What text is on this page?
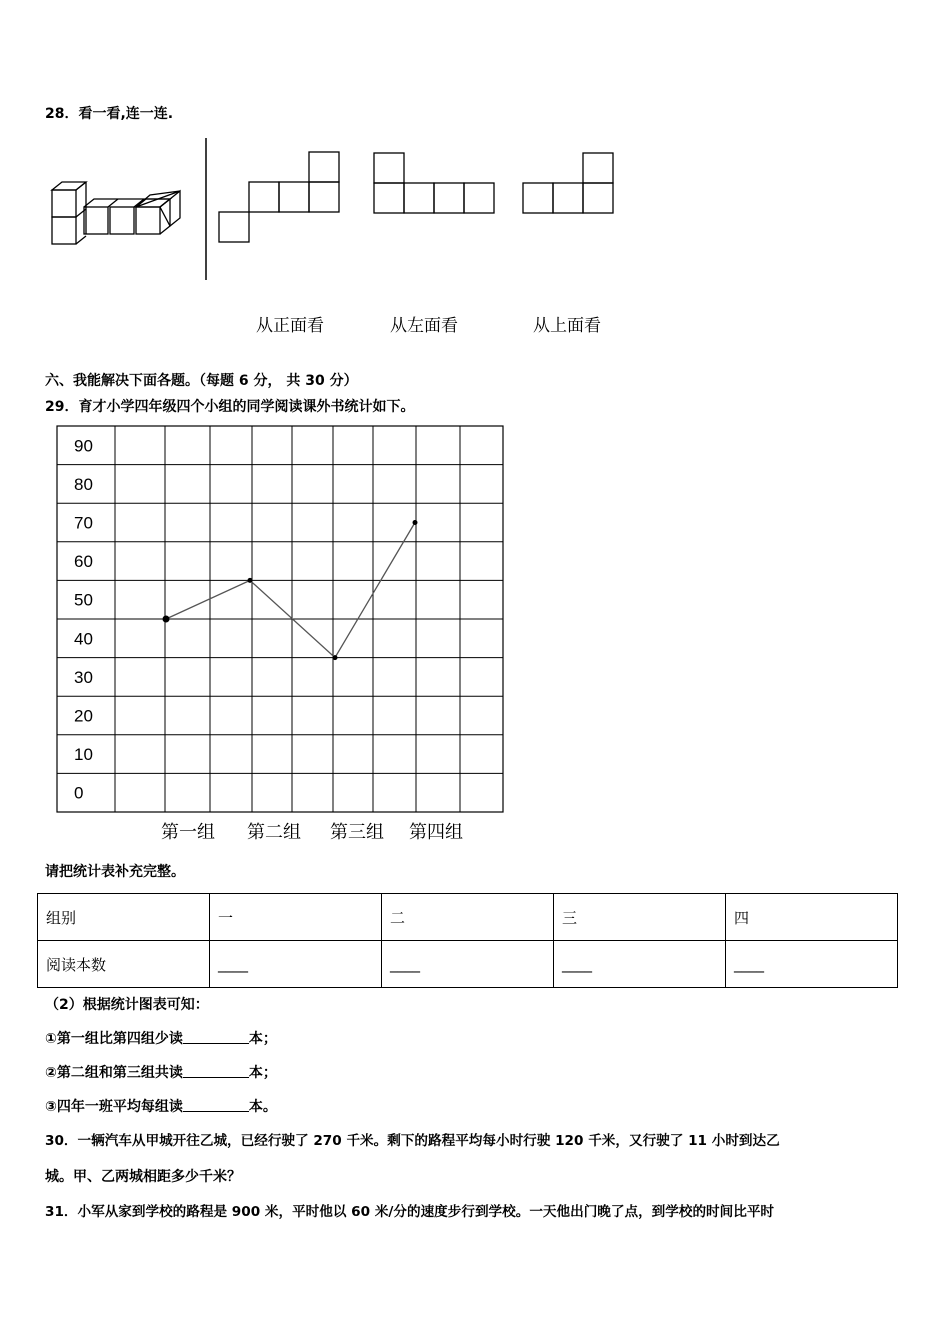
28．看一看,连一连.
从正面看	从左面看	从上面看
六、我能解决下面各题。（每题 6 分， 共 30 分）
29．育才小学四年级四个小组的同学阅读课外书统计如下。
90
80
70
60
50
40
30
20
10
0
第一组 第二组 第三组 第四组
请把统计表补充完整。
组别	一	二	三	四
阅读本数	____	____	____	____
（2）根据统计图表可知：
①第一组比第四组少读	本；
②第二组和第三组共读	本；
③四年一班平均每组读	本。
30．一辆汽车从甲城开往乙城，已经行驶了 270 千米。剩下的路程平均每小时行驶 120 千米，又行驶了 11 小时到达乙
城。甲、乙两城相距多少千米？
31．小军从家到学校的路程是 900 米，平时他以 60 米/分的速度步行到学校。一天他出门晚了点，到学校的时间比平时
